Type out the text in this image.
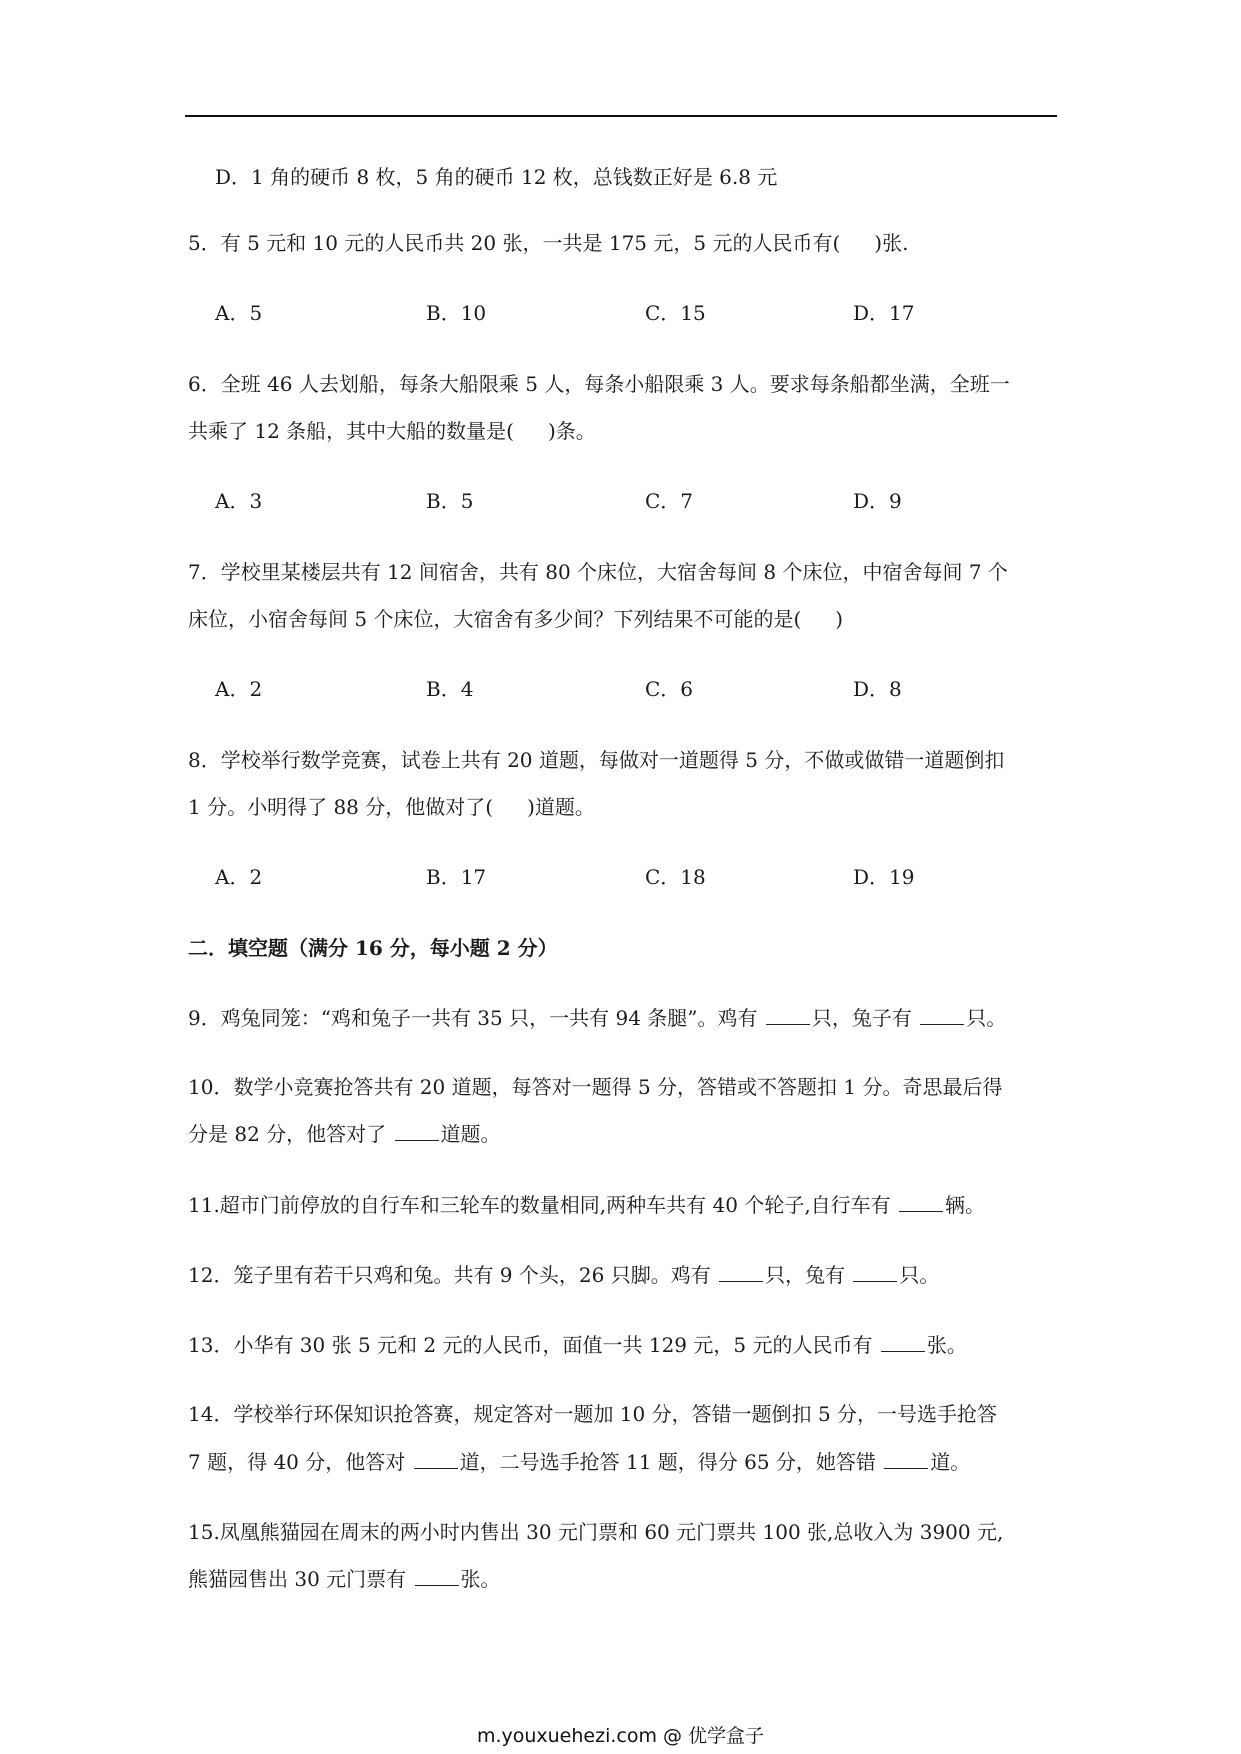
D．1 角的硬币 8 枚，5 角的硬币 12 枚，总钱数正好是 6.8 元
5．有 5 元和 10 元的人民币共 20 张，一共是 175 元，5 元的人民币有( )张.
A．5	B．10	C．15	D．17
6．全班 46 人去划船，每条大船限乘 5 人，每条小船限乘 3 人。要求每条船都坐满，全班一
共乘了 12 条船，其中大船的数量是( )条。
A．3	B．5	C．7	D．9
7．学校里某楼层共有 12 间宿舍，共有 80 个床位，大宿舍每间 8 个床位，中宿舍每间 7 个
床位，小宿舍每间 5 个床位，大宿舍有多少间？下列结果不可能的是( )
A．2	B．4	C．6	D．8
8．学校举行数学竞赛，试卷上共有 20 道题，每做对一道题得 5 分，不做或做错一道题倒扣
1 分。小明得了 88 分，他做对了( )道题。
A．2	B．17	C．18	D．19
二．填空题（满分 16 分，每小题 2 分）
9．鸡兔同笼：“鸡和兔子一共有 35 只，一共有 94 条腿”。鸡有 只，兔子有 只。
10．数学小竞赛抢答共有 20 道题，每答对一题得 5 分，答错或不答题扣 1 分。奇思最后得
分是 82 分，他答对了 道题。
11.超市门前停放的自行车和三轮车的数量相同,两种车共有 40 个轮子,自行车有 辆。
12．笼子里有若干只鸡和兔。共有 9 个头，26 只脚。鸡有 只，兔有 只。
13．小华有 30 张 5 元和 2 元的人民币，面值一共 129 元，5 元的人民币有 张。
14．学校举行环保知识抢答赛，规定答对一题加 10 分，答错一题倒扣 5 分，一号选手抢答
7 题，得 40 分，他答对 道，二号选手抢答 11 题，得分 65 分，她答错 道。
15.凤凰熊猫园在周末的两小时内售出 30 元门票和 60 元门票共 100 张,总收入为 3900 元,
熊猫园售出 30 元门票有 张。
m.youxuehezi.com @ 优学盒子
